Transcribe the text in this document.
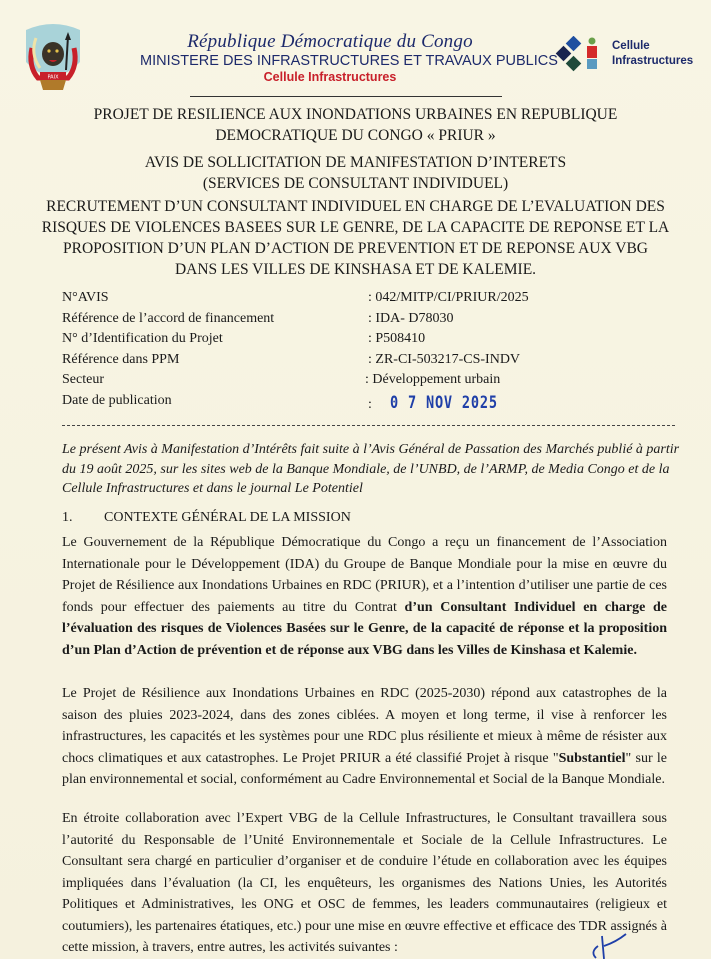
PAIX
République Démocratique du Congo
MINISTERE DES INFRASTRUCTURES ET TRAVAUX PUBLICS
Cellule Infrastructures
Cellule
Infrastructures
PROJET DE RESILIENCE AUX INONDATIONS URBAINES EN REPUBLIQUE
DEMOCRATIQUE DU CONGO « PRIUR »
AVIS DE SOLLICITATION DE MANIFESTATION D’INTERETS
(SERVICES DE CONSULTANT INDIVIDUEL)
RECRUTEMENT D’UN CONSULTANT INDIVIDUEL EN CHARGE DE L’EVALUATION DES
RISQUES DE VIOLENCES BASEES SUR LE GENRE, DE LA CAPACITE DE REPONSE ET LA
PROPOSITION D’UN PLAN D’ACTION DE PREVENTION ET DE REPONSE AUX VBG
DANS LES VILLES DE KINSHASA ET DE KALEMIE.
N°AVIS	: 042/MITP/CI/PRIUR/2025
Référence de l’accord de financement	: IDA- D78030
N° d’Identification du Projet	: P508410
Référence dans PPM	: ZR-CI-503217-CS-INDV
Secteur	: Développement urbain
Date de publication	: 0 7 NOV 2025
Le présent Avis à Manifestation d’Intérêts fait suite à l’Avis Général de Passation des Marchés publié à partir du 19 août 2025, sur les sites web de la Banque Mondiale, de l’UNBD, de l’ARMP, de Media Congo et de la Cellule Infrastructures et dans le journal Le Potentiel
1. CONTEXTE GÉNÉRAL DE LA MISSION
Le Gouvernement de la République Démocratique du Congo a reçu un financement de l’Association Internationale pour le Développement (IDA) du Groupe de Banque Mondiale pour la mise en œuvre du Projet de Résilience aux Inondations Urbaines en RDC (PRIUR), et a l’intention d’utiliser une partie de ces fonds pour effectuer des paiements au titre du Contrat d’un Consultant Individuel en charge de l’évaluation des risques de Violences Basées sur le Genre, de la capacité de réponse et la proposition d’un Plan d’Action de prévention et de réponse aux VBG dans les Villes de Kinshasa et Kalemie.
Le Projet de Résilience aux Inondations Urbaines en RDC (2025-2030) répond aux catastrophes de la saison des pluies 2023-2024, dans des zones ciblées. A moyen et long terme, il vise à renforcer les infrastructures, les capacités et les systèmes pour une RDC plus résiliente et mieux à même de résister aux chocs climatiques et aux catastrophes. Le Projet PRIUR a été classifié Projet à risque "Substantiel" sur le plan environnemental et social, conformément au Cadre Environnemental et Social de la Banque Mondiale.
En étroite collaboration avec l’Expert VBG de la Cellule Infrastructures, le Consultant travaillera sous l’autorité du Responsable de l’Unité Environnementale et Sociale de la Cellule Infrastructures. Le Consultant sera chargé en particulier d’organiser et de conduire l’étude en collaboration avec les équipes impliquées dans l’évaluation (la CI, les enquêteurs, les organismes des Nations Unies, les Autorités Politiques et Administratives, les ONG et OSC de femmes, les leaders communautaires (religieux et coutumiers), les partenaires étatiques, etc.) pour une mise en œuvre effective et efficace des TDR assignés à cette mission, à travers, entre autres, les activités suivantes :
